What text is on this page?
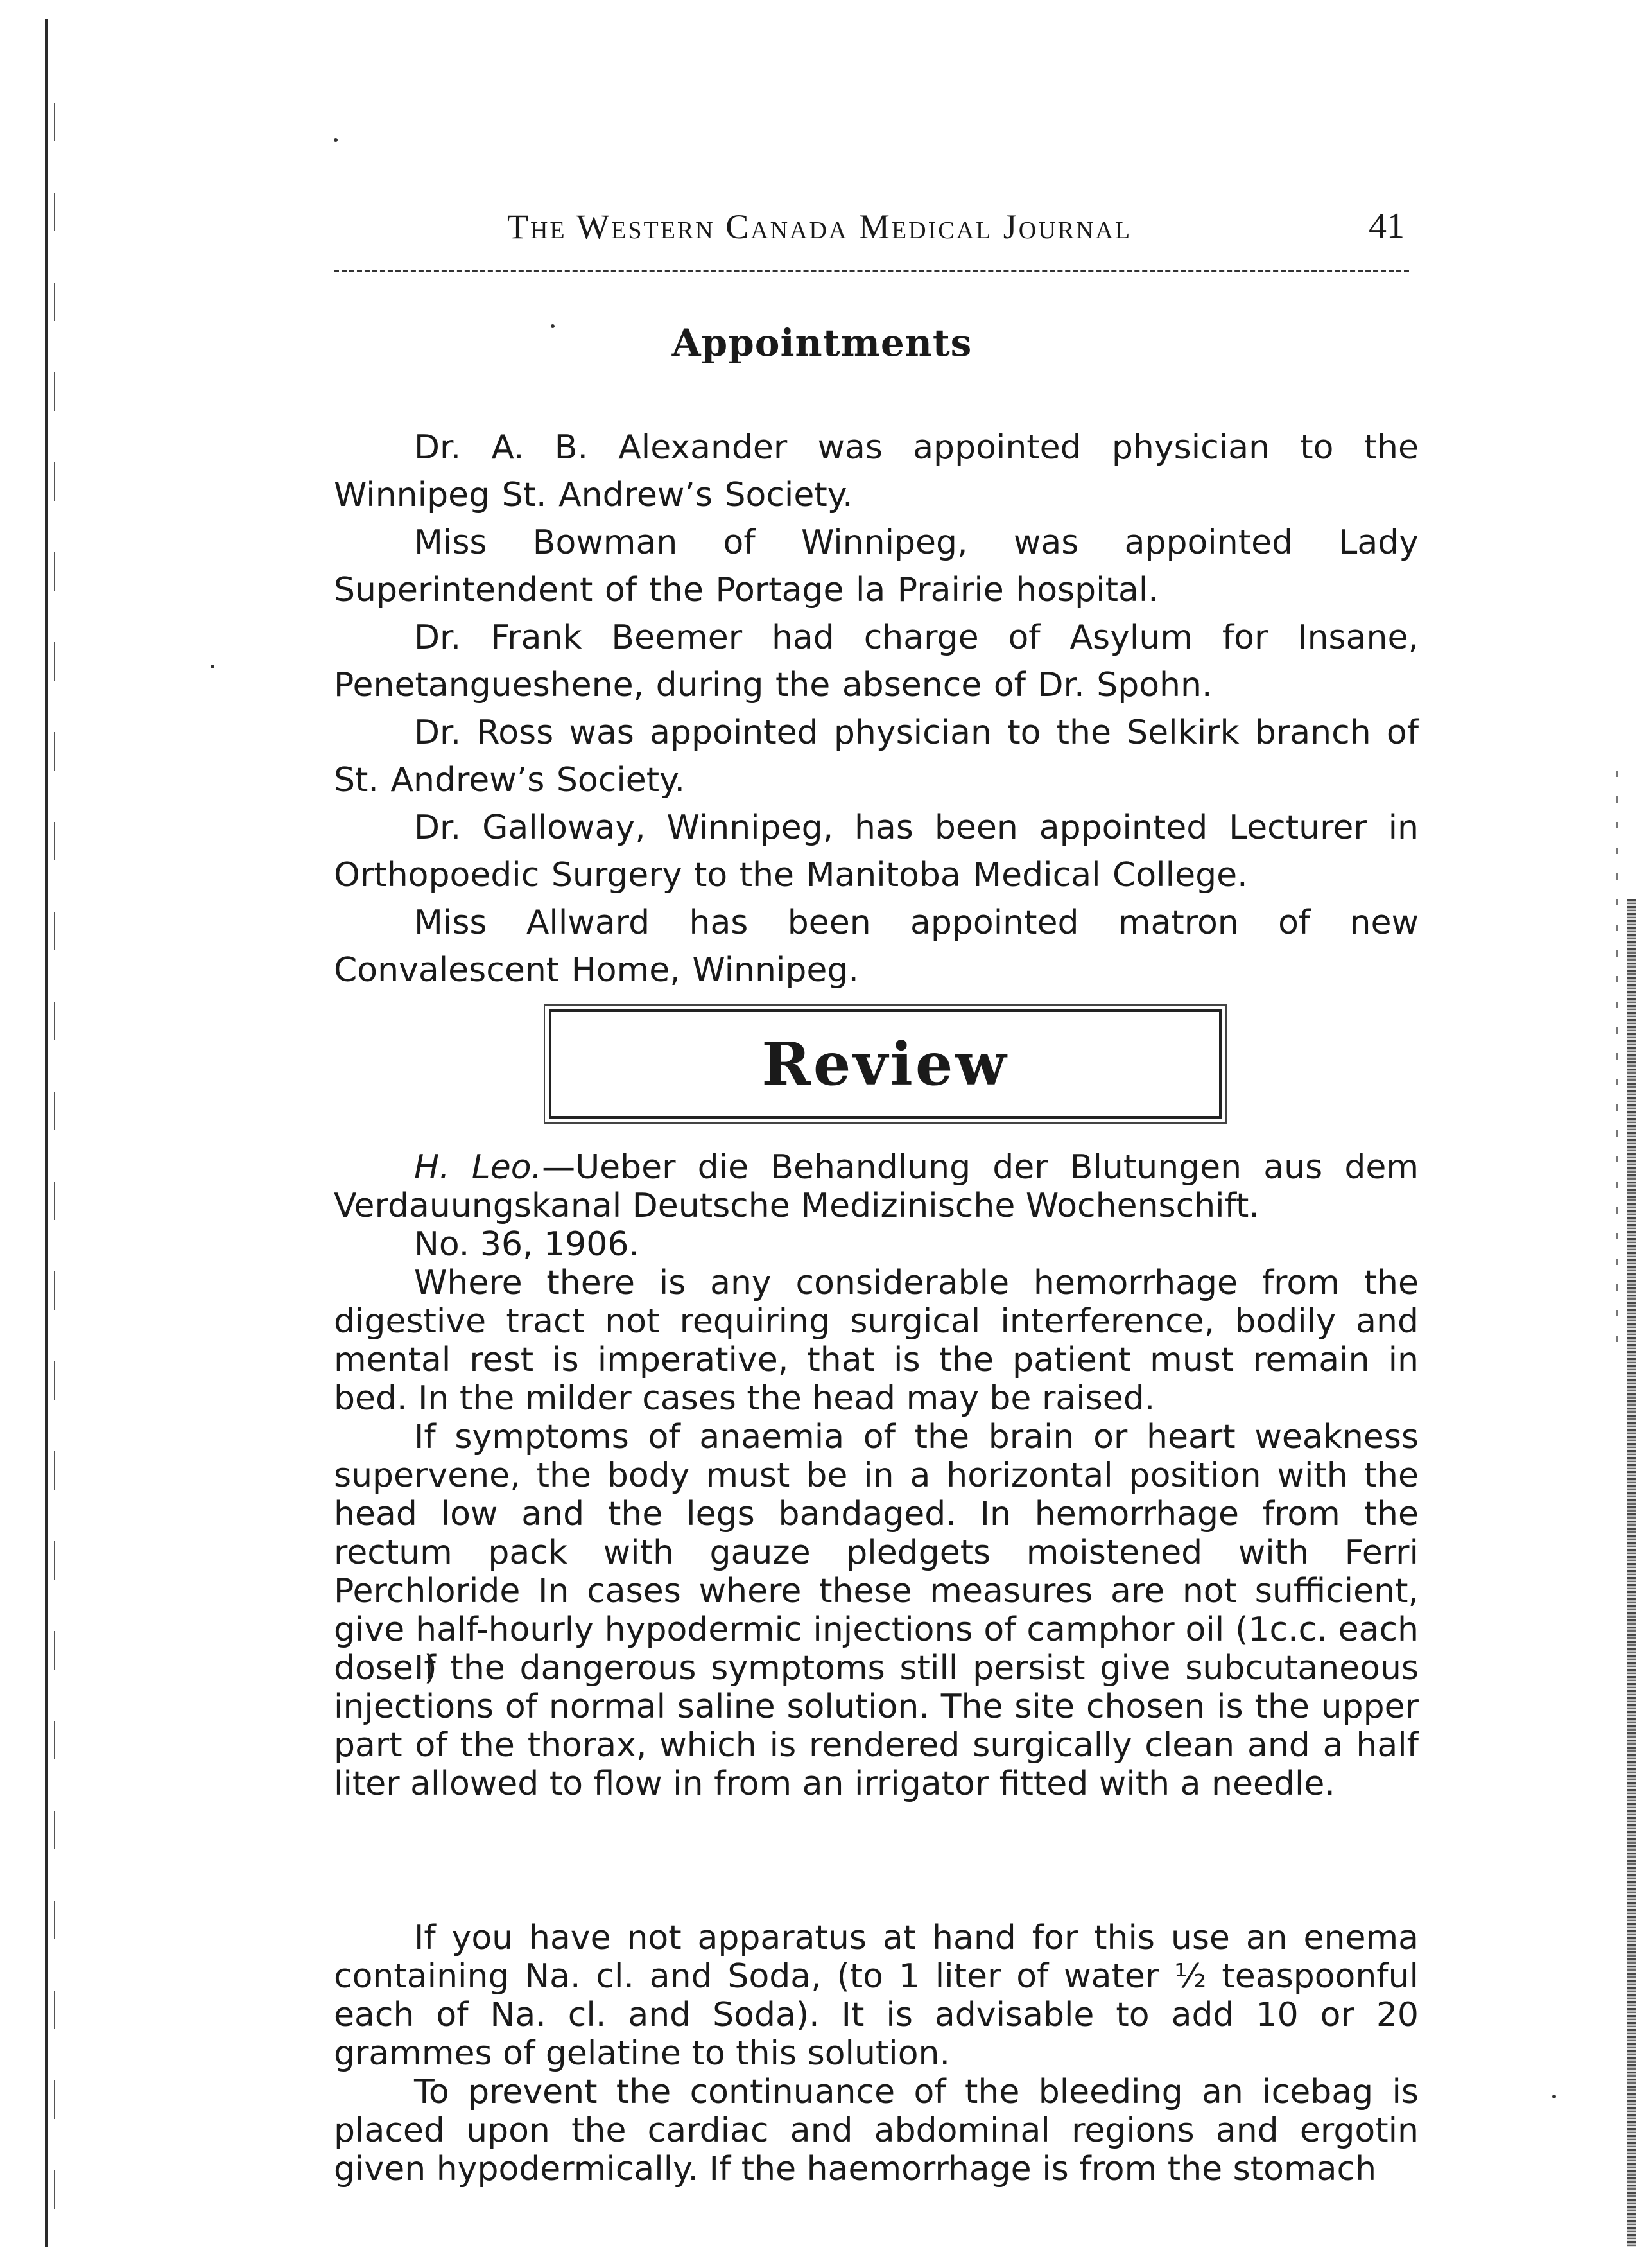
The Western Canada Medical Journal	41
Appointments

Dr. A. B. Alexander was appointed physician to the Winnipeg St. Andrew’s Society.

Miss Bowman of Winnipeg, was appointed Lady Superintendent of the Portage la Prairie hospital.

Dr. Frank Beemer had charge of Asylum for Insane, Penetangueshene, during the absence of Dr. Spohn.

Dr. Ross was appointed physician to the Selkirk branch of St. Andrew’s Society.

Dr. Galloway, Winnipeg, has been appointed Lecturer in Orthopoedic Surgery to the Manitoba Medical College.

Miss Allward has been appointed matron of new Convalescent Home, Winnipeg.

Review

H. Leo.—Ueber die Behandlung der Blutungen aus dem Verdauungskanal Deutsche Medizinische Wochenschift.

No. 36, 1906.

Where there is any considerable hemorrhage from the digestive tract not requiring surgical interference, bodily and mental rest is imperative, that is the patient must remain in bed. In the milder cases the head may be raised.

If symptoms of anaemia of the brain or heart weakness supervene, the body must be in a horizontal position with the head low and the legs bandaged. In hemorrhage from the rectum pack with gauze pledgets moistened with Ferri Perchloride In cases where these measures are not sufficient, give half-hourly hypodermic injections of camphor oil (1c.c. each dose.)

If the dangerous symptoms still persist give subcutaneous injections of normal saline solution. The site chosen is the upper part of the thorax, which is rendered surgically clean and a half liter allowed to flow in from an irrigator fitted with a needle.

If you have not apparatus at hand for this use an enema containing Na. cl. and Soda, (to 1 liter of water ½ teaspoonful each of Na. cl. and Soda). It is advisable to add 10 or 20 grammes of gelatine to this solution.

To prevent the continuance of the bleeding an icebag is placed upon the cardiac and abdominal regions and ergotin given hypodermically. If the haemorrhage is from the stomach
